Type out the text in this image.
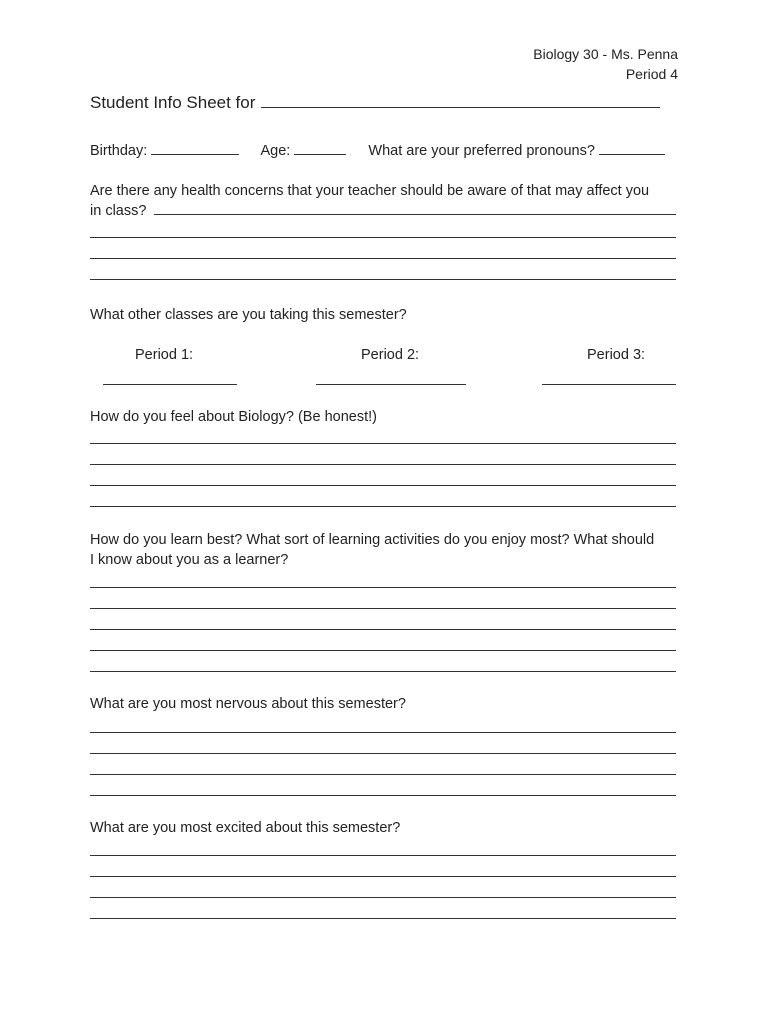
Biology 30 - Ms. Penna
Period 4
Student Info Sheet for
Birthday:	Age:	What are your preferred pronouns?
Are there any health concerns that your teacher should be aware of that may affect you
in class?
What other classes are you taking this semester?
Period 1:	Period 2:	Period 3:
How do you feel about Biology? (Be honest!)
How do you learn best? What sort of learning activities do you enjoy most? What should
I know about you as a learner?
What are you most nervous about this semester?
What are you most excited about this semester?
